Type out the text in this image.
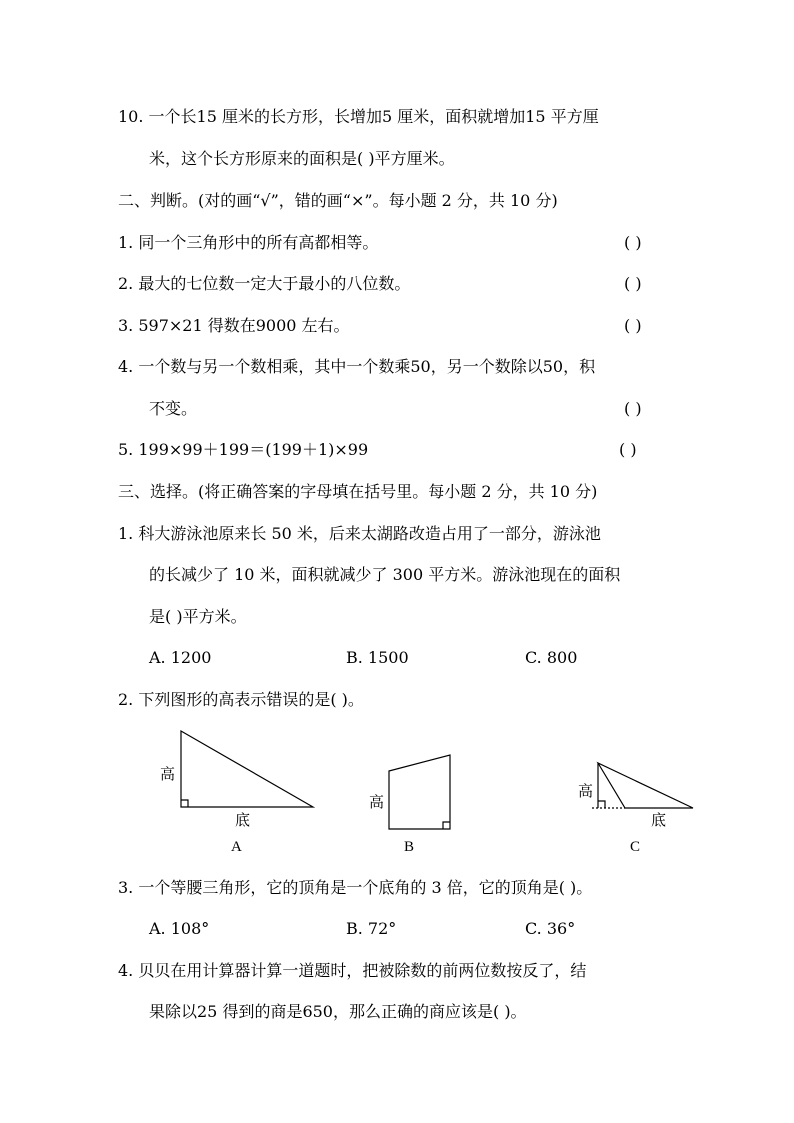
10. 一个长15 厘米的长方形，长增加5 厘米，面积就增加15 平方厘
米，这个长方形原来的面积是( )平方厘米。
二、判断。(对的画“√”，错的画“×”。每小题 2 分，共 10 分)
1. 同一个三角形中的所有高都相等。	( )
2. 最大的七位数一定大于最小的八位数。	( )
3. 597×21 得数在9000 左右。	( )
4. 一个数与另一个数相乘，其中一个数乘50，另一个数除以50，积
不变。	( )
5. 199×99＋199＝(199＋1)×99	( )
三、选择。(将正确答案的字母填在括号里。每小题 2 分，共 10 分)
1. 科大游泳池原来长 50 米，后来太湖路改造占用了一部分，游泳池
的长减少了 10 米，面积就减少了 300 平方米。游泳池现在的面积
是( )平方米。
A. 1200	B. 1500	C. 800
2. 下列图形的高表示错误的是( )。
高
底
A
高
B
高
底
C
3. 一个等腰三角形，它的顶角是一个底角的 3 倍，它的顶角是( )。
A. 108°	B. 72°	C. 36°
4. 贝贝在用计算器计算一道题时，把被除数的前两位数按反了，结
果除以25 得到的商是650，那么正确的商应该是( )。
